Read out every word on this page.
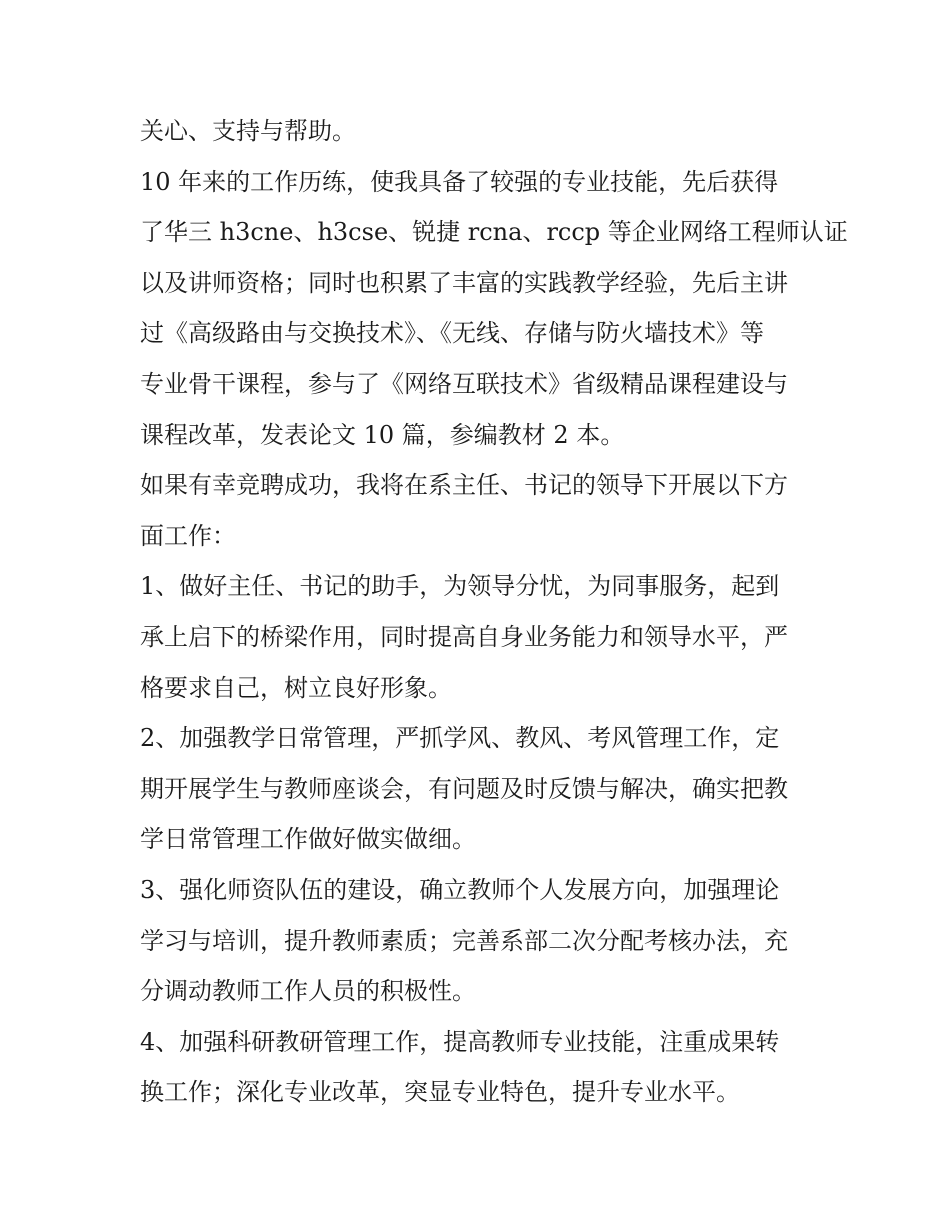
关心、支持与帮助。
10 年来的工作历练，使我具备了较强的专业技能，先后获得
了华三 h3cne、h3cse、锐捷 rcna、rccp 等企业网络工程师认证
以及讲师资格；同时也积累了丰富的实践教学经验，先后主讲
过《高级路由与交换技术》、《无线、存储与防火墙技术》等
专业骨干课程，参与了《网络互联技术》省级精品课程建设与
课程改革，发表论文 10 篇，参编教材 2 本。
如果有幸竞聘成功，我将在系主任、书记的领导下开展以下方
面工作：
1、做好主任、书记的助手，为领导分忧，为同事服务，起到
承上启下的桥梁作用，同时提高自身业务能力和领导水平，严
格要求自己，树立良好形象。
2、加强教学日常管理，严抓学风、教风、考风管理工作，定
期开展学生与教师座谈会，有问题及时反馈与解决，确实把教
学日常管理工作做好做实做细。
3、强化师资队伍的建设，确立教师个人发展方向，加强理论
学习与培训，提升教师素质；完善系部二次分配考核办法，充
分调动教师工作人员的积极性。
4、加强科研教研管理工作，提高教师专业技能，注重成果转
换工作；深化专业改革，突显专业特色，提升专业水平。
